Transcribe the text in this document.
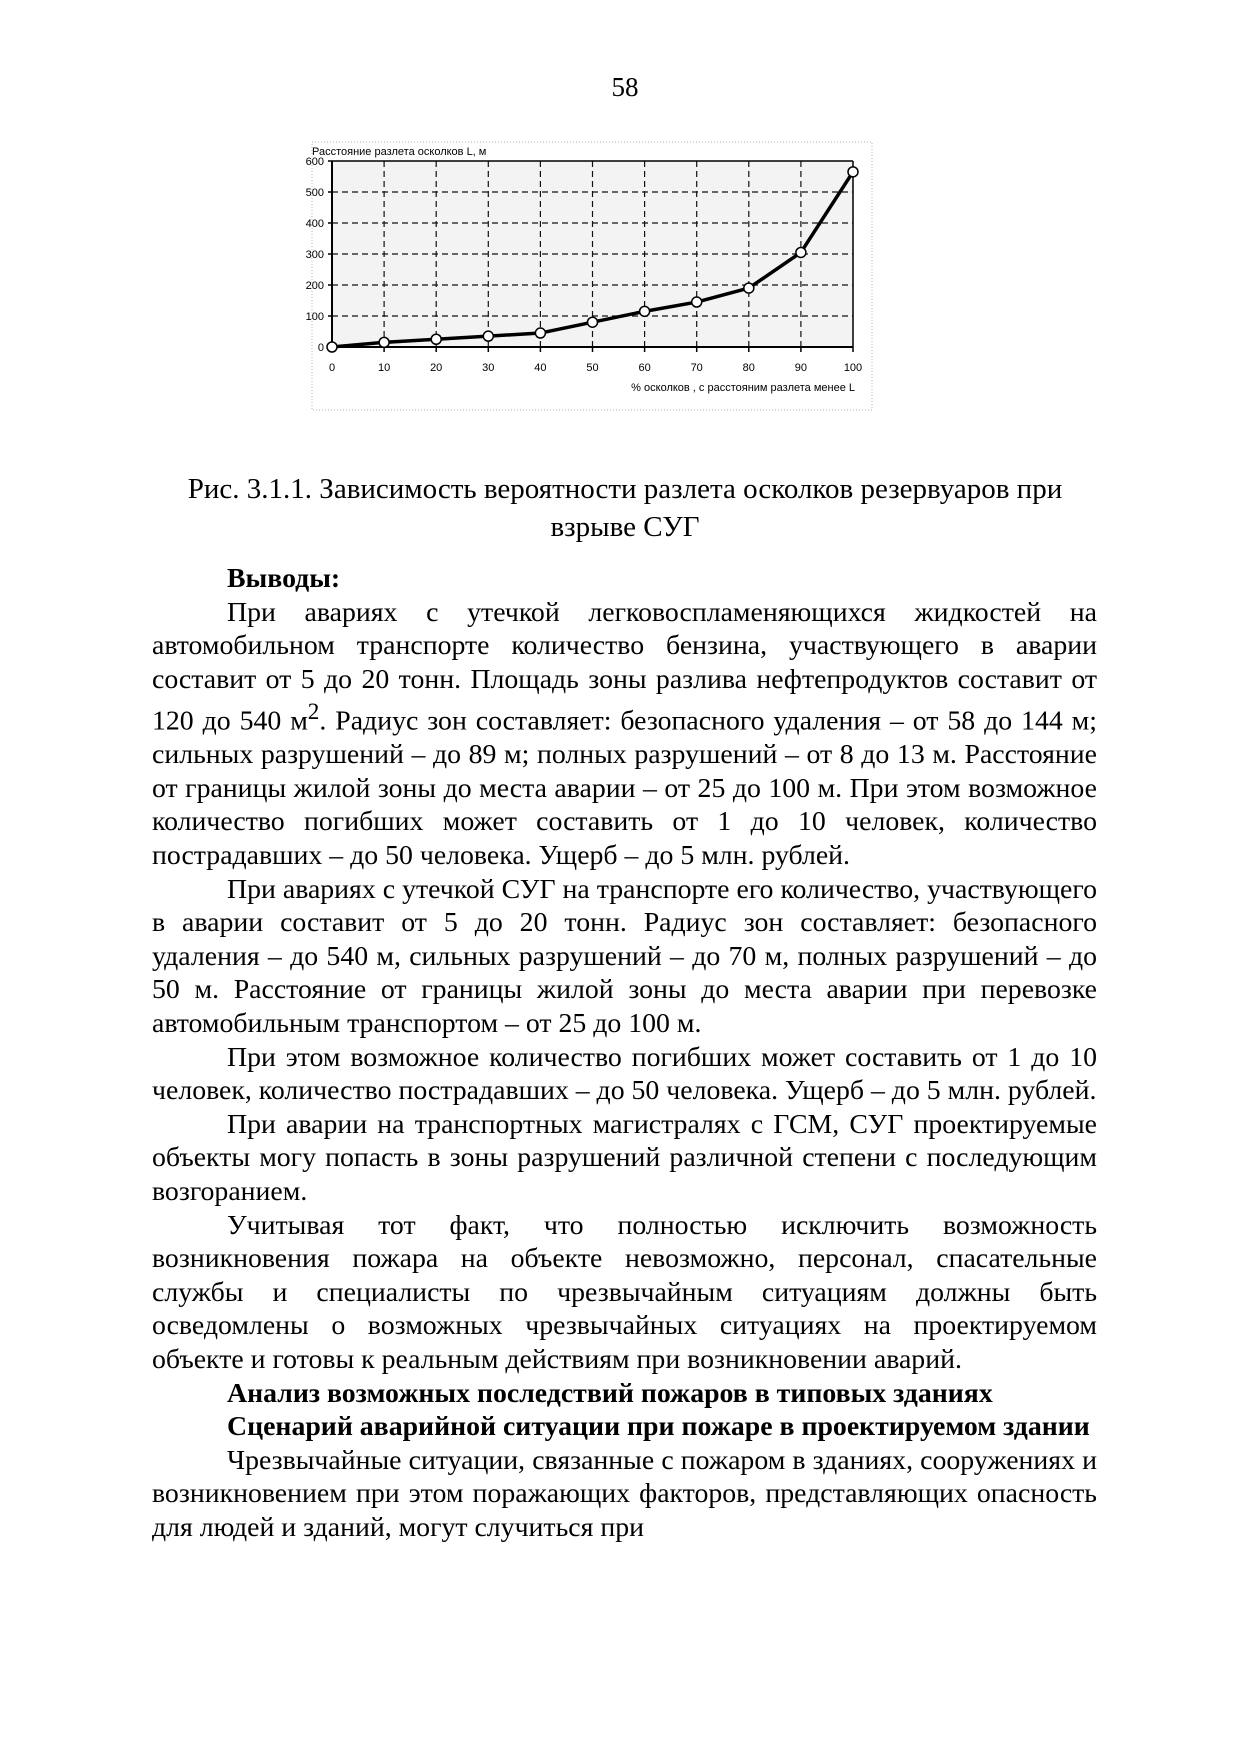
58
0
100
200
300
400
500
600
0	10	20	30	40	50	60	70	80	90	100
Расстояние разлета осколков L, м
% осколков , с расстояним разлета менее L
Рис. 3.1.1. Зависимость вероятности разлета осколков резервуаров при
взрыве СУГ

Выводы:

При авариях с утечкой легковоспламеняющихся жидкостей на автомобильном транспорте количество бензина, участвующего в аварии составит от 5 до 20 тонн. Площадь зоны разлива нефтепродуктов составит от 120 до 540 $м^2$. Радиус зон составляет: безопасного удаления – от 58 до 144 м; сильных разрушений – до 89 м; полных разрушений – от 8 до 13 м. Расстояние от границы жилой зоны до места аварии – от 25 до 100 м. При этом возможное количество погибших может составить от 1 до 10 человек, количество пострадавших – до 50 человека. Ущерб – до 5 млн. рублей.

При авариях с утечкой СУГ на транспорте его количество, участвующего в аварии составит от 5 до 20 тонн. Радиус зон составляет: безопасного удаления – до 540 м, сильных разрушений – до 70 м, полных разрушений – до 50 м. Расстояние от границы жилой зоны до места аварии при перевозке автомобильным транспортом – от 25 до 100 м.

При этом возможное количество погибших может составить от 1 до 10 человек, количество пострадавших – до 50 человека. Ущерб – до 5 млн. рублей.

При аварии на транспортных магистралях с ГСМ, СУГ проектируемые объекты могу попасть в зоны разрушений различной степени с последующим возгоранием.

Учитывая тот факт, что полностью исключить возможность возникновения пожара на объекте невозможно, персонал, спасательные службы и специалисты по чрезвычайным ситуациям должны быть осведомлены о возможных чрезвычайных ситуациях на проектируемом объекте и готовы к реальным действиям при возникновении аварий.

Анализ возможных последствий пожаров в типовых зданиях

Сценарий аварийной ситуации при пожаре в проектируемом здании

Чрезвычайные ситуации, связанные с пожаром в зданиях, сооружениях и возникновением при этом поражающих факторов, представляющих опасность для людей и зданий, могут случиться при
